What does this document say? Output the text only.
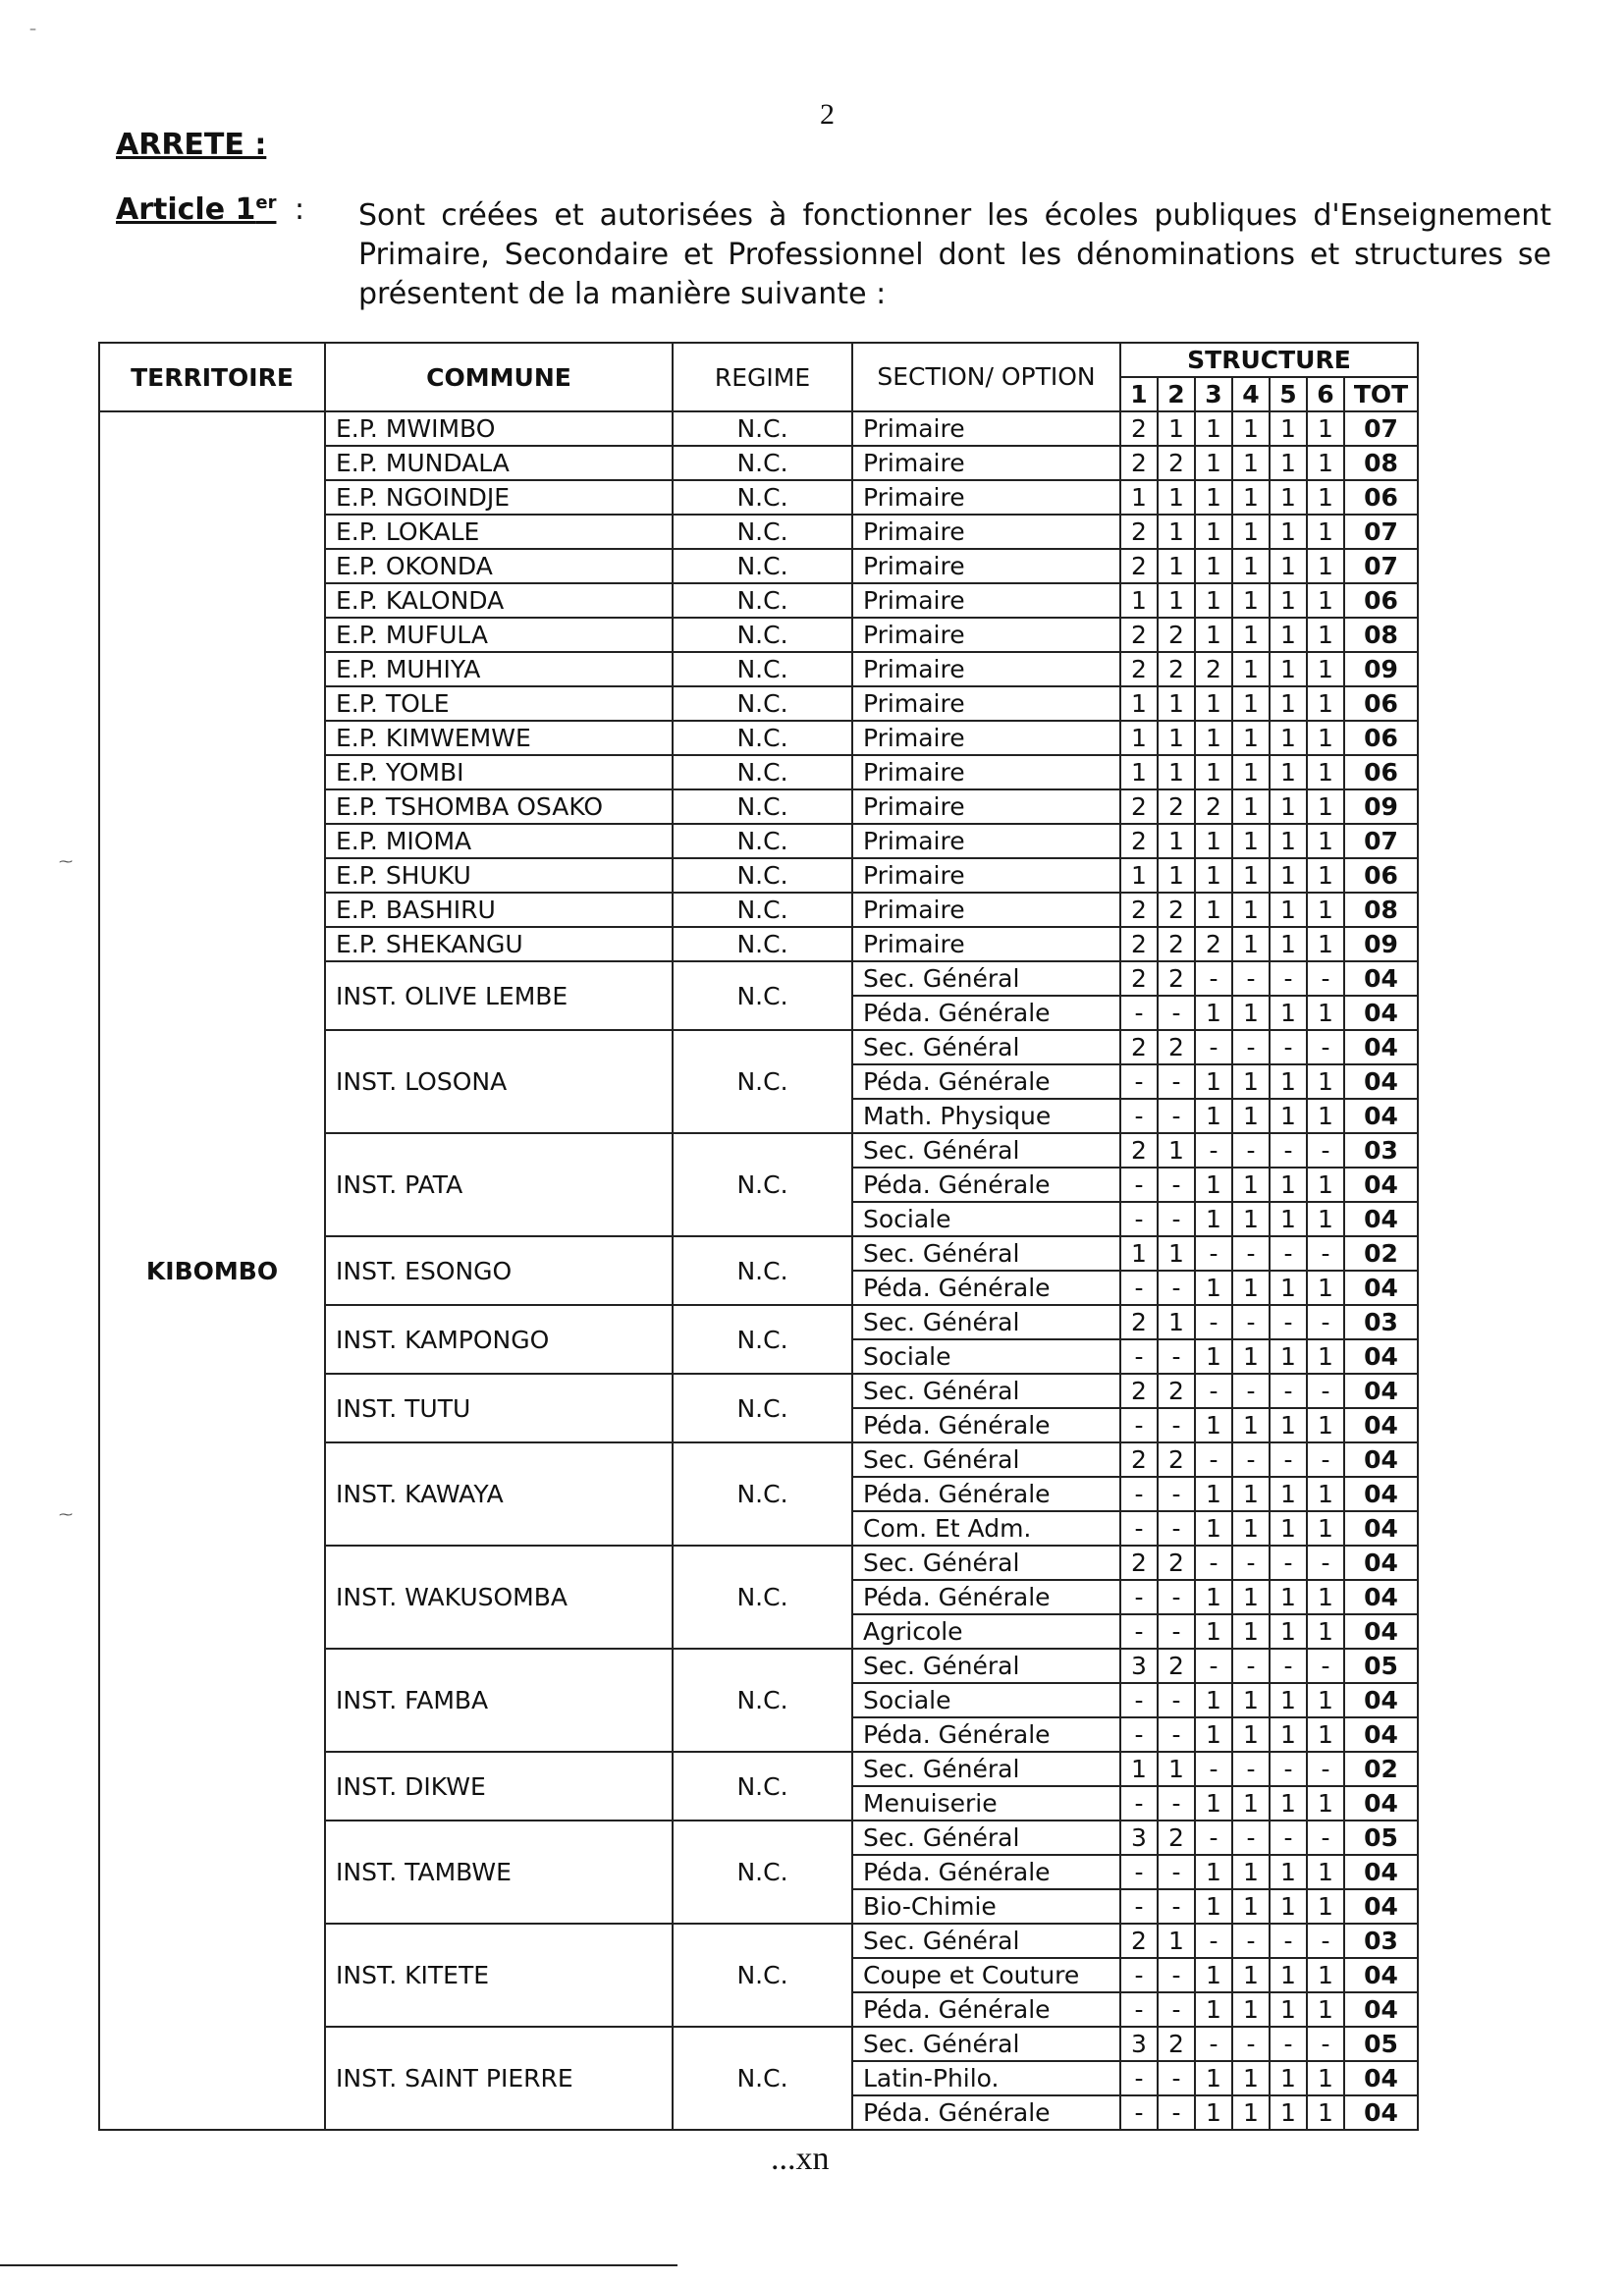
2
ARRETE :
Article 1er : Sont créées et autorisées à fonctionner les écoles publiques d'Enseignement Primaire, Secondaire et Professionnel dont les dénominations et structures se présentent de la manière suivante :
–
⁓
⁓
TERRITOIRE	COMMUNE	REGIME	SECTION/ OPTION	STRUCTURE						
				1	2	3	4	5	6	TOT
KIBOMBO	E.P. MWIMBO	N.C.	Primaire	2	1	1	1	1	1	07
	E.P. MUNDALA	N.C.	Primaire	2	2	1	1	1	1	08
	E.P. NGOINDJE	N.C.	Primaire	1	1	1	1	1	1	06
	E.P. LOKALE	N.C.	Primaire	2	1	1	1	1	1	07
	E.P. OKONDA	N.C.	Primaire	2	1	1	1	1	1	07
	E.P. KALONDA	N.C.	Primaire	1	1	1	1	1	1	06
	E.P. MUFULA	N.C.	Primaire	2	2	1	1	1	1	08
	E.P. MUHIYA	N.C.	Primaire	2	2	2	1	1	1	09
	E.P. TOLE	N.C.	Primaire	1	1	1	1	1	1	06
	E.P. KIMWEMWE	N.C.	Primaire	1	1	1	1	1	1	06
	E.P. YOMBI	N.C.	Primaire	1	1	1	1	1	1	06
	E.P. TSHOMBA OSAKO	N.C.	Primaire	2	2	2	1	1	1	09
	E.P. MIOMA	N.C.	Primaire	2	1	1	1	1	1	07
	E.P. SHUKU	N.C.	Primaire	1	1	1	1	1	1	06
	E.P. BASHIRU	N.C.	Primaire	2	2	1	1	1	1	08
	E.P. SHEKANGU	N.C.	Primaire	2	2	2	1	1	1	09
	INST. OLIVE LEMBE	N.C.	Sec. Général	2	2	-	-	-	-	04
			Péda. Générale	-	-	1	1	1	1	04
	INST. LOSONA	N.C.	Sec. Général	2	2	-	-	-	-	04
			Péda. Générale	-	-	1	1	1	1	04
			Math. Physique	-	-	1	1	1	1	04
	INST. PATA	N.C.	Sec. Général	2	1	-	-	-	-	03
			Péda. Générale	-	-	1	1	1	1	04
			Sociale	-	-	1	1	1	1	04
	INST. ESONGO	N.C.	Sec. Général	1	1	-	-	-	-	02
			Péda. Générale	-	-	1	1	1	1	04
	INST. KAMPONGO	N.C.	Sec. Général	2	1	-	-	-	-	03
			Sociale	-	-	1	1	1	1	04
	INST. TUTU	N.C.	Sec. Général	2	2	-	-	-	-	04
			Péda. Générale	-	-	1	1	1	1	04
	INST. KAWAYA	N.C.	Sec. Général	2	2	-	-	-	-	04
			Péda. Générale	-	-	1	1	1	1	04
			Com. Et Adm.	-	-	1	1	1	1	04
	INST. WAKUSOMBA	N.C.	Sec. Général	2	2	-	-	-	-	04
			Péda. Générale	-	-	1	1	1	1	04
			Agricole	-	-	1	1	1	1	04
	INST. FAMBA	N.C.	Sec. Général	3	2	-	-	-	-	05
			Sociale	-	-	1	1	1	1	04
			Péda. Générale	-	-	1	1	1	1	04
	INST. DIKWE	N.C.	Sec. Général	1	1	-	-	-	-	02
			Menuiserie	-	-	1	1	1	1	04
	INST. TAMBWE	N.C.	Sec. Général	3	2	-	-	-	-	05
			Péda. Générale	-	-	1	1	1	1	04
			Bio-Chimie	-	-	1	1	1	1	04
	INST. KITETE	N.C.	Sec. Général	2	1	-	-	-	-	03
			Coupe et Couture	-	-	1	1	1	1	04
			Péda. Générale	-	-	1	1	1	1	04
	INST. SAINT PIERRE	N.C.	Sec. Général	3	2	-	-	-	-	05
			Latin-Philo.	-	-	1	1	1	1	04
			Péda. Générale	-	-	1	1	1	1	04
...xn
